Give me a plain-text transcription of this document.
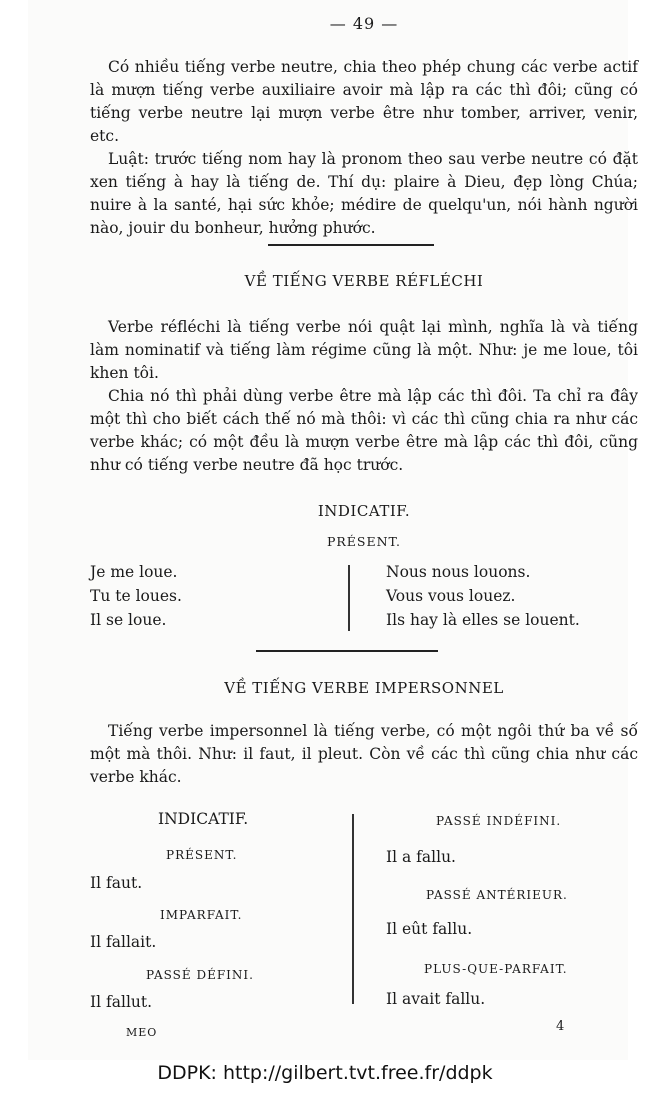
— 49 —

Có nhiều tiếng verbe neutre, chia theo phép chung các verbe actif là mượn tiếng verbe auxiliaire avoir mà lập ra các thì đôi; cũng có tiếng verbe neutre lại mượn verbe être như tomber, arriver, venir, etc.

Luật: trước tiếng nom hay là pronom theo sau verbe neutre có đặt xen tiếng à hay là tiếng de. Thí dụ: plaire à Dieu, đẹp lòng Chúa; nuire à la santé, hại sức khỏe; médire de quelqu'un, nói hành người nào, jouir du bonheur, hưởng phước.

VỀ TIẾNG VERBE RÉFLÉCHI

Verbe réfléchi là tiếng verbe nói quật lại mình, nghĩa là và tiếng làm nominatif và tiếng làm régime cũng là một. Như: je me loue, tôi khen tôi.

Chia nó thì phải dùng verbe être mà lập các thì đôi. Ta chỉ ra đây một thì cho biết cách thế nó mà thôi: vì các thì cũng chia ra như các verbe khác; có một đều là mượn verbe être mà lập các thì đôi, cũng như có tiếng verbe neutre đã học trước.

INDICATIF.
PRÉSENT.
Je me loue.
Tu te loues.
Il se loue.
Nous nous louons.
Vous vous louez.
Ils hay là elles se louent.
VỀ TIẾNG VERBE IMPERSONNEL

Tiếng verbe impersonnel là tiếng verbe, có một ngôi thứ ba về số một mà thôi. Như: il faut, il pleut. Còn về các thì cũng chia như các verbe khác.

INDICATIF.
PRÉSENT.
Il faut.
IMPARFAIT.
Il fallait.
PASSÉ DÉFINI.
Il fallut.
PASSÉ INDÉFINI.
Il a fallu.
PASSÉ ANTÉRIEUR.
Il eût fallu.
PLUS-QUE-PARFAIT.
Il avait fallu.
MEO	4
DDPK: http://gilbert.tvt.free.fr/ddpk
